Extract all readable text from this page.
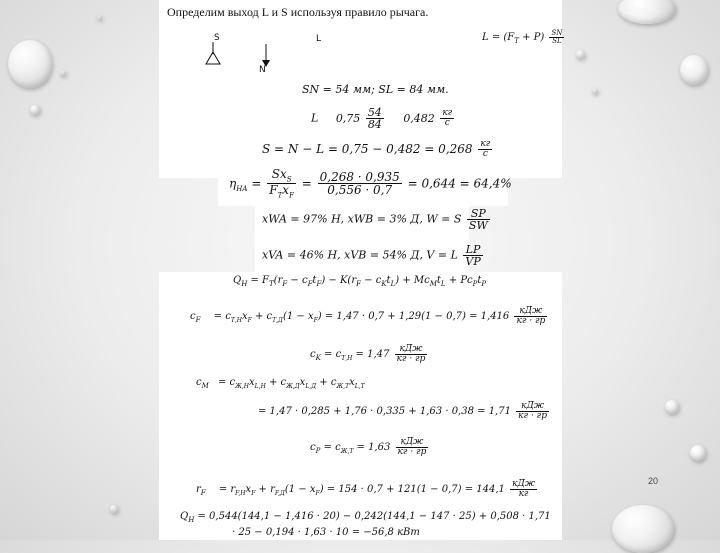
Определим выход L и S используя правило рычага.
S	L
N
$L = (F_T + P) \frac{SN}{SL}$
SN = 54 мм; SL = 84 мм.
L $0,75 \frac{54}{84} 0,482 \frac{кг}{с}$
$S = N - L = 0,75 - 0,482 = 0,268 \frac{кг}{с}$
$\eta_{НА} = \frac{Sx_S}{F_Tx_F} = \frac{0,268 \cdot 0,935}{0,556 \cdot 0,7} = 0,644 = 64,4\%$
xWA = 97% Н, xWB = 3% Д, W = S $\frac{SP}{SW}$
xVA = 46% Н, xVB = 54% Д, V = L $\frac{LP}{VP}$
$Q_Н = F_T(r_F - c_Ft_F) - K(r_F - c_Kt_L) + Mc_Mt_L + Pc_Pt_P$
$c_F = c_{Т,Н}x_F + c_{Т,Д}(1 - x_F) = 1,47 \cdot 0,7 + 1,29(1 - 0,7) = 1,416 \frac{\text{кДж}}{кг \cdot гр}$
$c_K = c_{Т,Н} = 1,47 \frac{\text{кДж}}{кг \cdot гр}$
$c_M = c_{Ж,Н}x_{L,Н} + c_{Ж,Д}x_{L,Д} + c_{Ж,Т}x_{L,T}$
= $1,47 \cdot 0,285 + 1,76 \cdot 0,335 + 1,63 \cdot 0,38 = 1,71 \frac{\text{кДж}}{кг \cdot гр}$
$c_P = c_{Ж,Т} = 1,63 \frac{\text{кДж}}{кг \cdot гр}$
20
$r_F = r_{F,Н}x_F + r_{F,Д}(1 - x_F) = 154 \cdot 0,7 + 121(1 - 0,7) = 144,1 \frac{\text{кДж}}{кг}$
$Q_Н = 0,544(144,1 - 1,416 \cdot 20) - 0,242(144,1 - 147 \cdot 25) + 0,508 \cdot 1,71$
· 25 − 0,194 · 1,63 · 10 = −56,8 кВт
